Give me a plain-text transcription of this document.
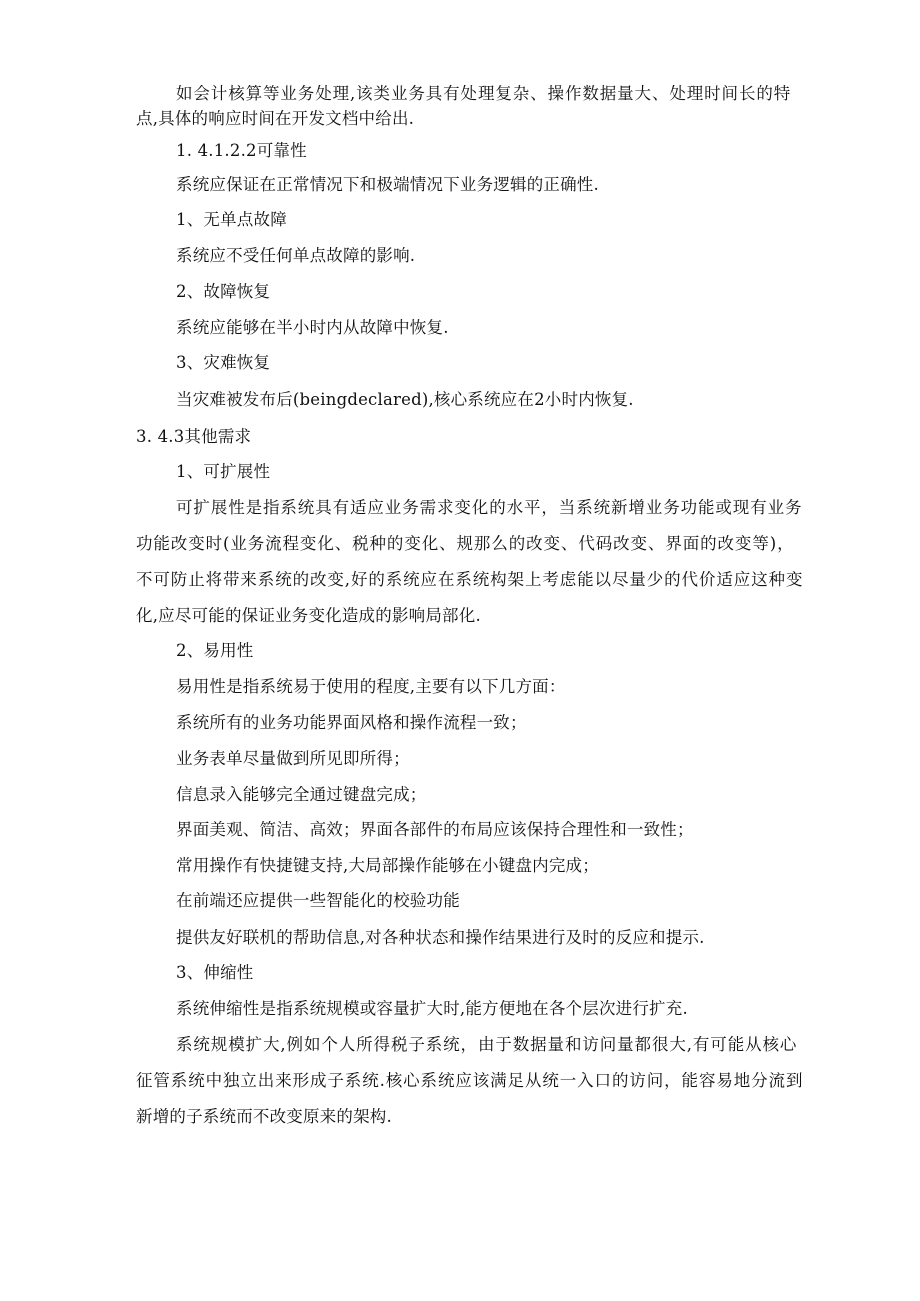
如会计核算等业务处理,该类业务具有处理复杂、操作数据量大、处理时间长的特
点,具体的响应时间在开发文档中给出.
1. 4.1.2.2可靠性
系统应保证在正常情况下和极端情况下业务逻辑的正确性.
1、无单点故障
系统应不受任何单点故障的影响.
2、故障恢复
系统应能够在半小时内从故障中恢复.
3、灾难恢复
当灾难被发布后(beingdeclared),核心系统应在2小时内恢复.
3. 4.3其他需求
1、可扩展性
可扩展性是指系统具有适应业务需求变化的水平，当系统新增业务功能或现有业务
功能改变时(业务流程变化、税种的变化、规那么的改变、代码改变、界面的改变等)，
不可防止将带来系统的改变,好的系统应在系统构架上考虑能以尽量少的代价适应这种变
化,应尽可能的保证业务变化造成的影响局部化.
2、易用性
易用性是指系统易于使用的程度,主要有以下几方面：
系统所有的业务功能界面风格和操作流程一致；
业务表单尽量做到所见即所得；
信息录入能够完全通过键盘完成；
界面美观、简洁、高效；界面各部件的布局应该保持合理性和一致性；
常用操作有快捷键支持,大局部操作能够在小键盘内完成；
在前端还应提供一些智能化的校验功能
提供友好联机的帮助信息,对各种状态和操作结果进行及时的反应和提示.
3、伸缩性
系统伸缩性是指系统规模或容量扩大时,能方便地在各个层次进行扩充.
系统规模扩大,例如个人所得税子系统，由于数据量和访问量都很大,有可能从核心
征管系统中独立出来形成子系统.核心系统应该满足从统一入口的访问，能容易地分流到
新增的子系统而不改变原来的架构.
